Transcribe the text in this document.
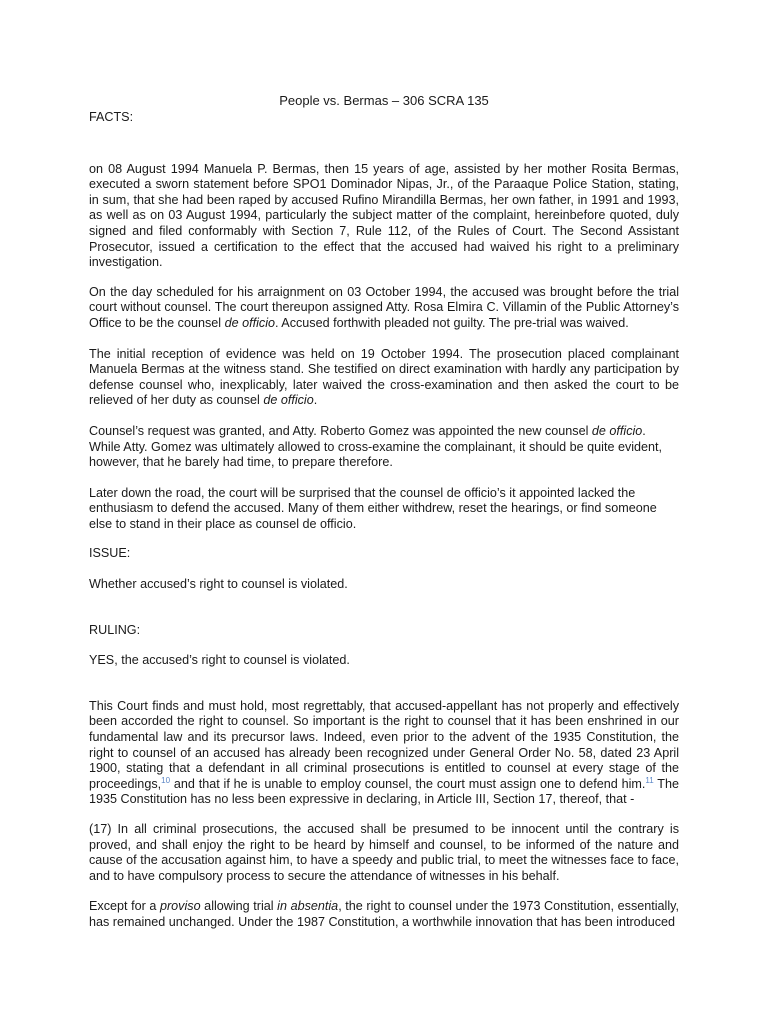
People vs. Bermas – 306 SCRA 135

FACTS:

on 08 August 1994 Manuela P. Bermas, then 15 years of age, assisted by her mother Rosita Bermas, executed a sworn statement before SPO1 Dominador Nipas, Jr., of the Paraaque Police Station, stating, in sum, that she had been raped by accused Rufino Mirandilla Bermas, her own father, in 1991 and 1993, as well as on 03 August 1994, particularly the subject matter of the complaint, hereinbefore quoted, duly signed and filed conformably with Section 7, Rule 112, of the Rules of Court. The Second Assistant Prosecutor, issued a certification to the effect that the accused had waived his right to a preliminary investigation.

On the day scheduled for his arraignment on 03 October 1994, the accused was brought before the trial court without counsel. The court thereupon assigned Atty. Rosa Elmira C. Villamin of the Public Attorney’s Office to be the counsel de officio. Accused forthwith pleaded not guilty. The pre-trial was waived.

The initial reception of evidence was held on 19 October 1994. The prosecution placed complainant Manuela Bermas at the witness stand. She testified on direct examination with hardly any participation by defense counsel who, inexplicably, later waived the cross-examination and then asked the court to be relieved of her duty as counsel de officio.

Counsel’s request was granted, and Atty. Roberto Gomez was appointed the new counsel de officio. While Atty. Gomez was ultimately allowed to cross-examine the complainant, it should be quite evident, however, that he barely had time, to prepare therefore.

Later down the road, the court will be surprised that the counsel de officio’s it appointed lacked the enthusiasm to defend the accused. Many of them either withdrew, reset the hearings, or find someone else to stand in their place as counsel de officio.

ISSUE:

Whether accused’s right to counsel is violated.

RULING:

YES, the accused’s right to counsel is violated.

This Court finds and must hold, most regrettably, that accused-appellant has not properly and effectively been accorded the right to counsel. So important is the right to counsel that it has been enshrined in our fundamental law and its precursor laws. Indeed, even prior to the advent of the 1935 Constitution, the right to counsel of an accused has already been recognized under General Order No. 58, dated 23 April 1900, stating that a defendant in all criminal prosecutions is entitled to counsel at every stage of the proceedings,$^{10}$ and that if he is unable to employ counsel, the court must assign one to defend him.$^{11}$ The 1935 Constitution has no less been expressive in declaring, in Article III, Section 17, thereof, that -

(17) In all criminal prosecutions, the accused shall be presumed to be innocent until the contrary is proved, and shall enjoy the right to be heard by himself and counsel, to be informed of the nature and cause of the accusation against him, to have a speedy and public trial, to meet the witnesses face to face, and to have compulsory process to secure the attendance of witnesses in his behalf.

Except for a proviso allowing trial in absentia, the right to counsel under the 1973 Constitution, essentially, has remained unchanged. Under the 1987 Constitution, a worthwhile innovation that has been introduced
